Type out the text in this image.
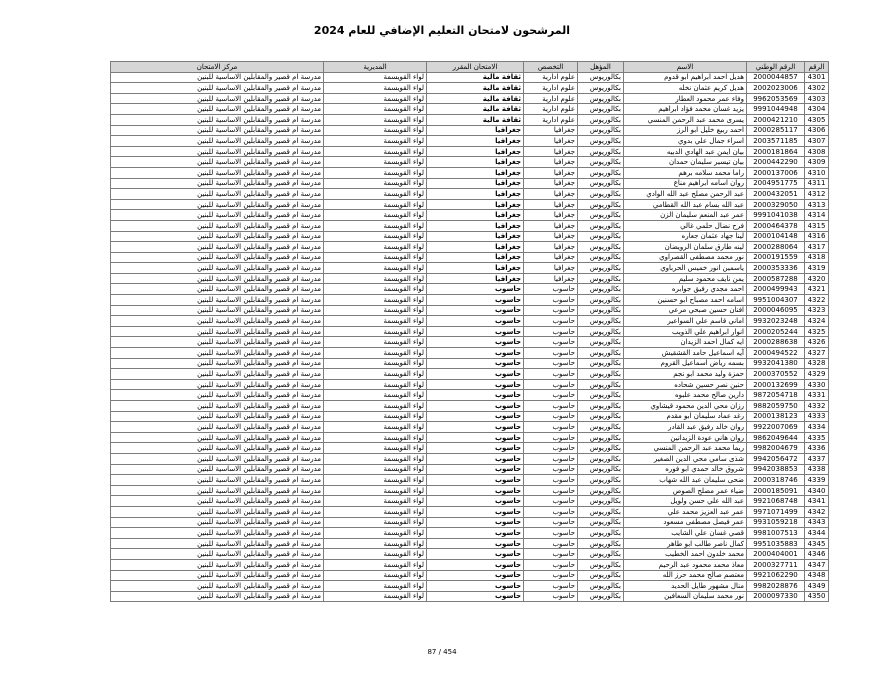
المرشحون لامتحان التعليم الإضافي للعام 2024
الرقم	الرقم الوطني	الاسم	المؤهل	التخصص	الامتحان المقرر	المديرية	مركز الامتحان
4301	2000044857	هديل احمد ابراهيم ابو قدوم	بكالوريوس	علوم ادارية	ثقافة مالية	لواء القويسمة	مدرسة ام قصير والمقابلين الاساسية للبنين
4302	2002023006	هديل كريم عثمان نخله	بكالوريوس	علوم ادارية	ثقافة مالية	لواء القويسمة	مدرسة ام قصير والمقابلين الاساسية للبنين
4303	9962053569	وفاء عمر محمود العطار	بكالوريوس	علوم ادارية	ثقافة مالية	لواء القويسمة	مدرسة ام قصير والمقابلين الاساسية للبنين
4304	9991044948	يزيد غسان محمد فؤاد ابراهيم	بكالوريوس	علوم ادارية	ثقافة مالية	لواء القويسمة	مدرسة ام قصير والمقابلين الاساسية للبنين
4305	2000421210	يسرى محمد عبد الرحمن المنسي	بكالوريوس	علوم ادارية	ثقافة مالية	لواء القويسمة	مدرسة ام قصير والمقابلين الاساسية للبنين
4306	2000285117	احمد ربيع خليل ابو الرز	بكالوريوس	جغرافيا	جغرافيا	لواء القويسمة	مدرسة ام قصير والمقابلين الاساسية للبنين
4307	2003571185	اسراء جمال علي بدوي	بكالوريوس	جغرافيا	جغرافيا	لواء القويسمة	مدرسة ام قصير والمقابلين الاساسية للبنين
4308	2000181864	بيان ايمن عبد الهادي الدبيه	بكالوريوس	جغرافيا	جغرافيا	لواء القويسمة	مدرسة ام قصير والمقابلين الاساسية للبنين
4309	2000442290	بيان تيسير سليمان حمدان	بكالوريوس	جغرافيا	جغرافيا	لواء القويسمة	مدرسة ام قصير والمقابلين الاساسية للبنين
4310	2000137006	راما محمد سلامه برهم	بكالوريوس	جغرافيا	جغرافيا	لواء القويسمة	مدرسة ام قصير والمقابلين الاساسية للبنين
4311	2004951775	روان اسامه ابراهيم مناع	بكالوريوس	جغرافيا	جغرافيا	لواء القويسمة	مدرسة ام قصير والمقابلين الاساسية للبنين
4312	2000432051	عبد الرحمن مصلح عبد الله الوادي	بكالوريوس	جغرافيا	جغرافيا	لواء القويسمة	مدرسة ام قصير والمقابلين الاساسية للبنين
4313	2000329050	عبد الله بسام عبد الله القطامي	بكالوريوس	جغرافيا	جغرافيا	لواء القويسمة	مدرسة ام قصير والمقابلين الاساسية للبنين
4314	9991041038	عمر عبد المنعم سليمان الزن	بكالوريوس	جغرافيا	جغرافيا	لواء القويسمة	مدرسة ام قصير والمقابلين الاساسية للبنين
4315	2000464378	فرح نضال حلمي غالي	بكالوريوس	جغرافيا	جغرافيا	لواء القويسمة	مدرسة ام قصير والمقابلين الاساسية للبنين
4316	2000104148	لينا جهاد عثمان جعاره	بكالوريوس	جغرافيا	جغرافيا	لواء القويسمة	مدرسة ام قصير والمقابلين الاساسية للبنين
4317	2000288064	لينه طارق سلمان الرويضان	بكالوريوس	جغرافيا	جغرافيا	لواء القويسمة	مدرسة ام قصير والمقابلين الاساسية للبنين
4318	2000191559	نور محمد مصطفى القصراوي	بكالوريوس	جغرافيا	جغرافيا	لواء القويسمة	مدرسة ام قصير والمقابلين الاساسية للبنين
4319	2000353336	ياسمين انور خميس الحرباوي	بكالوريوس	جغرافيا	جغرافيا	لواء القويسمة	مدرسة ام قصير والمقابلين الاساسية للبنين
4320	2000587288	يمن نايف محمود سليم	بكالوريوس	جغرافيا	جغرافيا	لواء القويسمة	مدرسة ام قصير والمقابلين الاساسية للبنين
4321	2000499943	احمد مجدي رفيق جوابره	بكالوريوس	حاسوب	حاسوب	لواء القويسمة	مدرسة ام قصير والمقابلين الاساسية للبنين
4322	9951004307	اسامه احمد مصباح ابو حسنين	بكالوريوس	حاسوب	حاسوب	لواء القويسمة	مدرسة ام قصير والمقابلين الاساسية للبنين
4323	2000046095	افنان حسين صبحي مرعي	بكالوريوس	حاسوب	حاسوب	لواء القويسمة	مدرسة ام قصير والمقابلين الاساسية للبنين
4324	9932023248	اماني قاسم علي السواعير	بكالوريوس	حاسوب	حاسوب	لواء القويسمة	مدرسة ام قصير والمقابلين الاساسية للبنين
4325	2000205244	انوار ابراهيم علي الذويب	بكالوريوس	حاسوب	حاسوب	لواء القويسمة	مدرسة ام قصير والمقابلين الاساسية للبنين
4326	2000288638	ايه كمال احمد الزيدان	بكالوريوس	حاسوب	حاسوب	لواء القويسمة	مدرسة ام قصير والمقابلين الاساسية للبنين
4327	2000494522	آيه اسماعيل حامد القشقيش	بكالوريوس	حاسوب	حاسوب	لواء القويسمة	مدرسة ام قصير والمقابلين الاساسية للبنين
4328	9932041380	بسمه رياض اسماعيل القروم	بكالوريوس	حاسوب	حاسوب	لواء القويسمة	مدرسة ام قصير والمقابلين الاساسية للبنين
4329	2000370552	حمزة وليد محمد ابو نجم	بكالوريوس	حاسوب	حاسوب	لواء القويسمة	مدرسة ام قصير والمقابلين الاساسية للبنين
4330	2000132699	حنين نصر حسين شحاده	بكالوريوس	حاسوب	حاسوب	لواء القويسمة	مدرسة ام قصير والمقابلين الاساسية للبنين
4331	9872054718	دارين صالح محمد علبوه	بكالوريوس	حاسوب	حاسوب	لواء القويسمة	مدرسة ام قصير والمقابلين الاساسية للبنين
4332	9882059750	رزان محي الدين محمود قيشاوي	بكالوريوس	حاسوب	حاسوب	لواء القويسمة	مدرسة ام قصير والمقابلين الاساسية للبنين
4333	2000138123	رغد عماد سليمان ابو مقدم	بكالوريوس	حاسوب	حاسوب	لواء القويسمة	مدرسة ام قصير والمقابلين الاساسية للبنين
4334	9922007069	روان خالد رفيق عبد القادر	بكالوريوس	حاسوب	حاسوب	لواء القويسمة	مدرسة ام قصير والمقابلين الاساسية للبنين
4335	9862049644	روان هاني عودة الزيدانين	بكالوريوس	حاسوب	حاسوب	لواء القويسمة	مدرسة ام قصير والمقابلين الاساسية للبنين
4336	9982004679	ريما محمد عبد الرحمن المنسي	بكالوريوس	حاسوب	حاسوب	لواء القويسمة	مدرسة ام قصير والمقابلين الاساسية للبنين
4337	9942056472	شذى سامي محي الدين الصغير	بكالوريوس	حاسوب	حاسوب	لواء القويسمة	مدرسة ام قصير والمقابلين الاساسية للبنين
4338	9942038853	شروق خالد حمدي ابو فوره	بكالوريوس	حاسوب	حاسوب	لواء القويسمة	مدرسة ام قصير والمقابلين الاساسية للبنين
4339	2000318746	ضحى سليمان عبد الله شهاب	بكالوريوس	حاسوب	حاسوب	لواء القويسمة	مدرسة ام قصير والمقابلين الاساسية للبنين
4340	2000185091	ضياء عمر مصلح الصوص	بكالوريوس	حاسوب	حاسوب	لواء القويسمة	مدرسة ام قصير والمقابلين الاساسية للبنين
4341	9921068748	عبد الله علي حسن ولويل	بكالوريوس	حاسوب	حاسوب	لواء القويسمة	مدرسة ام قصير والمقابلين الاساسية للبنين
4342	9971071499	عمر عبد العزيز محمد علي	بكالوريوس	حاسوب	حاسوب	لواء القويسمة	مدرسة ام قصير والمقابلين الاساسية للبنين
4343	9931059218	عمر فيصل مصطفى مسعود	بكالوريوس	حاسوب	حاسوب	لواء القويسمة	مدرسة ام قصير والمقابلين الاساسية للبنين
4344	9981007513	قصي غسان علي الشايب	بكالوريوس	حاسوب	حاسوب	لواء القويسمة	مدرسة ام قصير والمقابلين الاساسية للبنين
4345	9951035883	كمال ناصر طالب ابو طاهر	بكالوريوس	حاسوب	حاسوب	لواء القويسمة	مدرسة ام قصير والمقابلين الاساسية للبنين
4346	2000404001	محمد خلدون احمد الخطيب	بكالوريوس	حاسوب	حاسوب	لواء القويسمة	مدرسة ام قصير والمقابلين الاساسية للبنين
4347	2000327711	معاذ محمد محمود عبد الرحيم	بكالوريوس	حاسوب	حاسوب	لواء القويسمة	مدرسة ام قصير والمقابلين الاساسية للبنين
4348	9921062290	معتصم صالح محمد حرز الله	بكالوريوس	حاسوب	حاسوب	لواء القويسمة	مدرسة ام قصير والمقابلين الاساسية للبنين
4349	9982028876	منال مشهور طايل الحديد	بكالوريوس	حاسوب	حاسوب	لواء القويسمة	مدرسة ام قصير والمقابلين الاساسية للبنين
4350	2000097330	نور محمد سليمان السعافين	بكالوريوس	حاسوب	حاسوب	لواء القويسمة	مدرسة ام قصير والمقابلين الاساسية للبنين
87 / 454
